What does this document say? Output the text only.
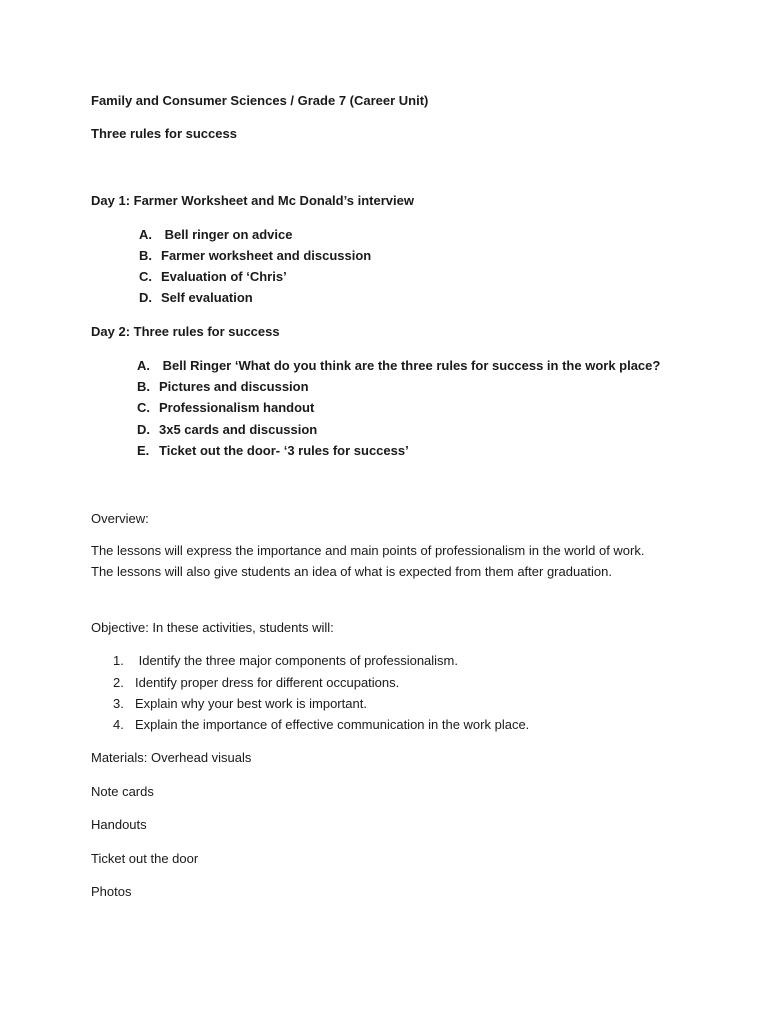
Family and Consumer Sciences / Grade 7 (Career Unit)
Three rules for success
Day 1: Farmer Worksheet and Mc Donald’s interview
A. Bell ringer on advice
B. Farmer worksheet and discussion
C. Evaluation of ‘Chris’
D. Self evaluation
Day 2: Three rules for success
A. Bell Ringer ‘What do you think are the three rules for success in the work place?
B. Pictures and discussion
C. Professionalism handout
D. 3x5 cards and discussion
E. Ticket out the door- ‘3 rules for success’
Overview:
The lessons will express the importance and main points of professionalism in the world of work. The lessons will also give students an idea of what is expected from them after graduation.
Objective: In these activities, students will:
1. Identify the three major components of professionalism.
2. Identify proper dress for different occupations.
3. Explain why your best work is important.
4. Explain the importance of effective communication in the work place.
Materials: Overhead visuals
Note cards
Handouts
Ticket out the door
Photos
